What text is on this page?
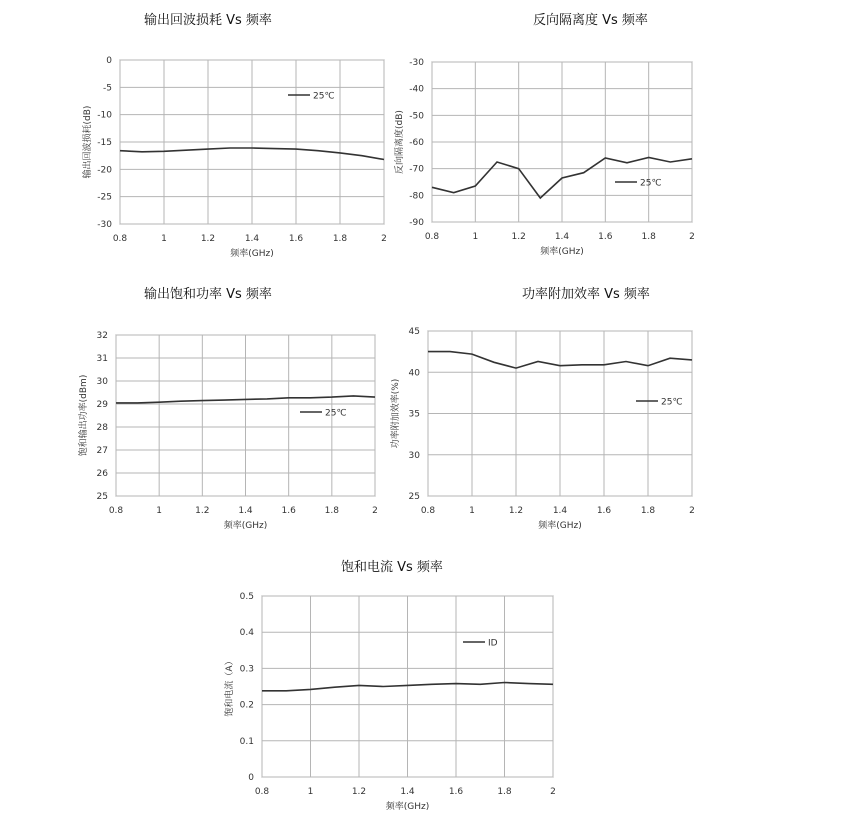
输出回波损耗 Vs 频率
0.8	1	1.2	1.4	1.6	1.8	2
0
-5
-10
-15
-20
-25
-30
频率(GHz)
输出回波损耗(dB)
25℃
反向隔离度 Vs 频率
0.8	1	1.2	1.4	1.6	1.8	2
-30
-40
-50
-60
-70
-80
-90
频率(GHz)
反向隔离度(dB)
25℃
输出饱和功率 Vs 频率
0.8	1	1.2	1.4	1.6	1.8	2
32
31
30
29
28
27
26
25
频率(GHz)
饱和输出功率(dBm)	25℃
功率附加效率 Vs 频率
0.8	1	1.2	1.4	1.6	1.8	2
45
40
35
30
25
频率(GHz)
功率附加效率(%)	25℃
饱和电流 Vs 频率
0.8	1	1.2	1.4	1.6	1.8	2
0.5
0.4
0.3
0.2
0.1
0
频率(GHz)
饱和电流（A）
ID
